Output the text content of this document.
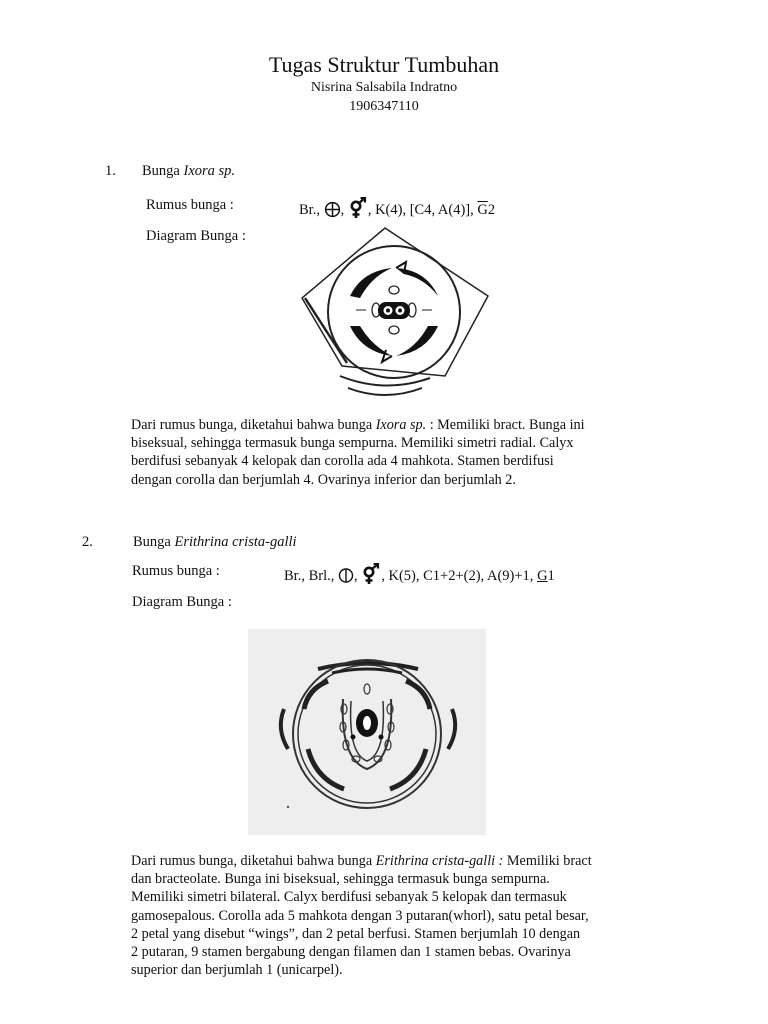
Tugas Struktur Tumbuhan
Nisrina Salsabila Indratno
1906347110
1. Bunga Ixora sp.
Rumus bunga :	Br., , , K(4), [C4, A(4)], $\overline{G}2$
Diagram Bunga :
Dari rumus bunga, diketahui bahwa bunga Ixora sp. : Memiliki bract. Bunga ini
biseksual, sehingga termasuk bunga sempurna. Memiliki simetri radial. Calyx
berdifusi sebanyak 4 kelopak dan corolla ada 4 mahkota. Stamen berdifusi
dengan corolla dan berjumlah 4. Ovarinya inferior dan berjumlah 2.
2.	Bunga Erithrina crista-galli
Rumus bunga :	Br., Brl., , , K(5), C1+2+(2), A(9)+1, G1
Diagram Bunga :
Dari rumus bunga, diketahui bahwa bunga Erithrina crista-galli : Memiliki bract
dan bracteolate. Bunga ini biseksual, sehingga termasuk bunga sempurna.
Memiliki simetri bilateral. Calyx berdifusi sebanyak 5 kelopak dan termasuk
gamosepalous. Corolla ada 5 mahkota dengan 3 putaran(whorl), satu petal besar,
2 petal yang disebut “wings”, dan 2 petal berfusi. Stamen berjumlah 10 dengan
2 putaran, 9 stamen bergabung dengan filamen dan 1 stamen bebas. Ovarinya
superior dan berjumlah 1 (unicarpel).
